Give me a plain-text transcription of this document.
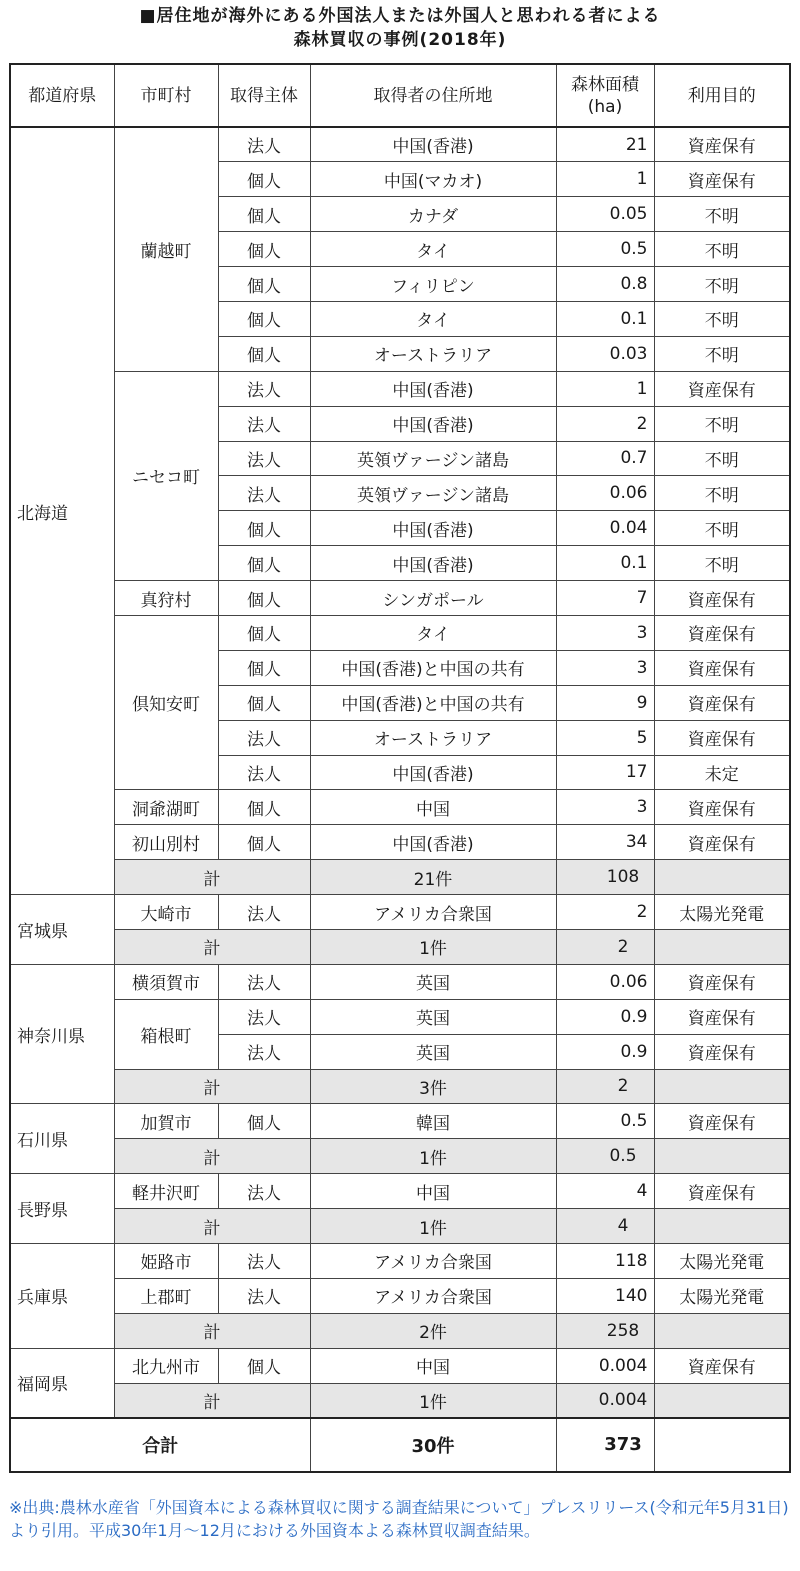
■居住地が海外にある外国法人または外国人と思われる者による
森林買収の事例(2018年)
都道府県	市町村	取得主体	取得者の住所地	森林面積(ha)	利用目的
北海道	蘭越町	法人	中国(香港)	21	資産保有
		個人	中国(マカオ)	1	資産保有
		個人	カナダ	0.05	不明
		個人	タイ	0.5	不明
		個人	フィリピン	0.8	不明
		個人	タイ	0.1	不明
		個人	オーストラリア	0.03	不明
	ニセコ町	法人	中国(香港)	1	資産保有
		法人	中国(香港)	2	不明
		法人	英領ヴァージン諸島	0.7	不明
		法人	英領ヴァージン諸島	0.06	不明
		個人	中国(香港)	0.04	不明
		個人	中国(香港)	0.1	不明
	真狩村	個人	シンガポール	7	資産保有
	倶知安町	個人	タイ	3	資産保有
		個人	中国(香港)と中国の共有	3	資産保有
		個人	中国(香港)と中国の共有	9	資産保有
		法人	オーストラリア	5	資産保有
		法人	中国(香港)	17	未定
	洞爺湖町	個人	中国	3	資産保有
	初山別村	個人	中国(香港)	34	資産保有
	計		21件	108	
宮城県	大崎市	法人	アメリカ合衆国	2	太陽光発電
	計		1件	2	
神奈川県	横須賀市	法人	英国	0.06	資産保有
	箱根町	法人	英国	0.9	資産保有
		法人	英国	0.9	資産保有
	計		3件	2	
石川県	加賀市	個人	韓国	0.5	資産保有
	計		1件	0.5	
長野県	軽井沢町	法人	中国	4	資産保有
	計		1件	4	
兵庫県	姫路市	法人	アメリカ合衆国	118	太陽光発電
	上郡町	法人	アメリカ合衆国	140	太陽光発電
	計		2件	258	
福岡県	北九州市	個人	中国	0.004	資産保有
	計		1件	0.004	
合計			30件	373	
※出典:農林水産省「外国資本による森林買収に関する調査結果について」プレスリリース(令和元年5月31日)より引用。平成30年1月〜12月における外国資本よる森林買収調査結果。
